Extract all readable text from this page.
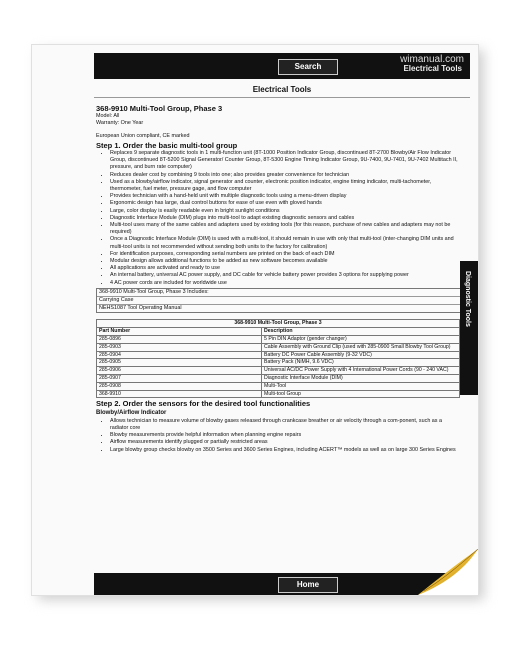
Search
wimanual.com
Electrical Tools
Electrical Tools
368-9910 Multi-Tool Group, Phase 3

Model: All

Warranty: One Year

European Union compliant, CE marked

Step 1. Order the basic multi-tool group
• Replaces 9 separate diagnostic tools in 1 multi-function unit (8T-1000 Position Indicator Group, discontinued 8T-2700 Blowby/Air Flow Indicator Group, discontinued 8T-5200 Signal Generator/ Counter Group, 8T-5300 Engine Timing Indicator Group, 9U-7400, 9U-7401, 9U-7402 Multitach II, pressure, and burn rate computer)
• Reduces dealer cost by combining 9 tools into one; also provides greater convenience for technician
• Used as a blowby/airflow indicator, signal generator and counter, electronic position indicator, engine timing indicator, multi-tachometer, thermometer, fuel meter, pressure gage, and flow computer
• Provides technician with a hand-held unit with multiple diagnostic tools using a menu-driven display
• Ergonomic design has large, dual control buttons for ease of use even with gloved hands
• Large, color display is easily readable even in bright sunlight conditions
• Diagnostic Interface Module (DIM) plugs into multi-tool to adapt existing diagnostic sensors and cables
• Multi-tool uses many of the same cables and adapters used by existing tools (for this reason, purchase of new cables and adapters may not be required)
• Once a Diagnostic Interface Module (DIM) is used with a multi-tool, it should remain in use with only that multi-tool (inter-changing DIM units and multi-tool units is not recommended without sending both units to the factory for calibration)
• For identification purposes, corresponding serial numbers are printed on the back of each DIM
• Modular design allows additional functions to be added as new software becomes available
• All applications are activated and ready to use
• An internal battery, universal AC power supply, and DC cable for vehicle battery power provides 3 options for supplying power
• 4 AC power cords are included for worldwide use
368-9910 Multi-Tool Group, Phase 3 Includes:
Carrying Case
NEHS1087 Tool Operating Manual
368-9910 Multi-Tool Group, Phase 3	
Part Number	Description
285-0896	5 Pin DIN Adaptor (gender changer)
285-0903	Cable Assembly with Ground Clip (used with 285-0900 Small Blowby Tool Group)
285-0904	Battery DC Power Cable Assembly (9-32 VDC)
285-0905	Battery Pack (NiMH, 9.6 VDC)
285-0906	Universal AC/DC Power Supply with 4 International Power Cords (90 - 240 VAC)
285-0907	Diagnostic Interface Module (DIM)
285-0908	Multi-Tool
368-9910	Multi-tool Group
Step 2. Order the sensors for the desired tool functionalities
Blowby/Airflow Indicator
• Allows technician to measure volume of blowby gases released through crankcase breather or air velocity through a com-ponent, such as a radiator core
• Blowby measurements provide helpful information when planning engine repairs
• Airflow measurements identify plugged or partially restricted areas
• Large blowby group checks blowby on 3500 Series and 3600 Series Engines, including ACERT™ models as well as on large 300 Series Engines
Diagnostic Tools
Home
